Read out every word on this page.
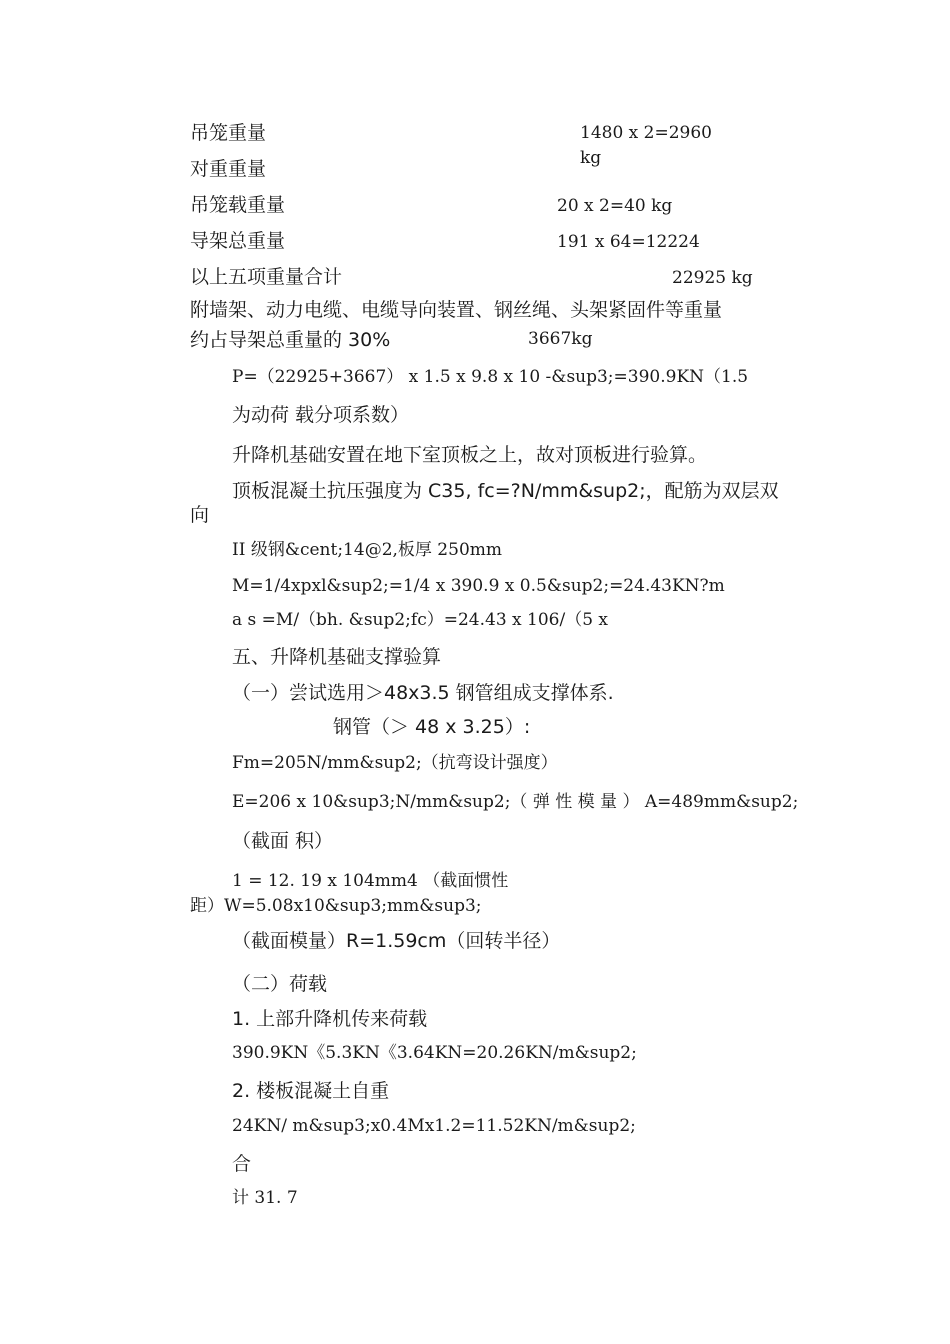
吊笼重量	1480 x 2=2960
kg
对重重量
吊笼载重量	20 x 2=40 kg
导架总重量	191 x 64=12224
以上五项重量合计	22925 kg
附墙架、动力电缆、电缆导向装置、钢丝绳、头架紧固件等重量
约占导架总重量的 30%	3667kg
P=（22925+3667） x 1.5 x 9.8 x 10 -&sup3;=390.9KN（1.5
为动荷 载分项系数）
升降机基础安置在地下室顶板之上，故对顶板进行验算。
顶板混凝土抗压强度为 C35, fc=?N/mm&sup2;，配筋为双层双
向
II 级钢&cent;14@2,板厚 250mm
M=1/4xpxl&sup2;=1/4 x 390.9 x 0.5&sup2;=24.43KN?m
a s =M/（bh. &sup2;fc）=24.43 x 106/（5 x
五、升降机基础支撑验算
（一）尝试选用＞48x3.5 钢管组成支撑体系.
钢管（＞ 48 x 3.25）:
Fm=205N/mm&sup2;（抗弯设计强度）
E=206 x 10&sup3;N/mm&sup2;（ 弹 性 模 量 ） A=489mm&sup2;
（截面 积）
1 = 12. 19 x 104mm4 （截面惯性
距）W=5.08x10&sup3;mm&sup3;
（截面模量）R=1.59cm（回转半径）
（二）荷载
1. 上部升降机传来荷载
390.9KN《5.3KN《3.64KN=20.26KN/m&sup2;
2. 楼板混凝土自重
24KN/ m&sup3;x0.4Mx1.2=11.52KN/m&sup2;
合
计 31. 7
